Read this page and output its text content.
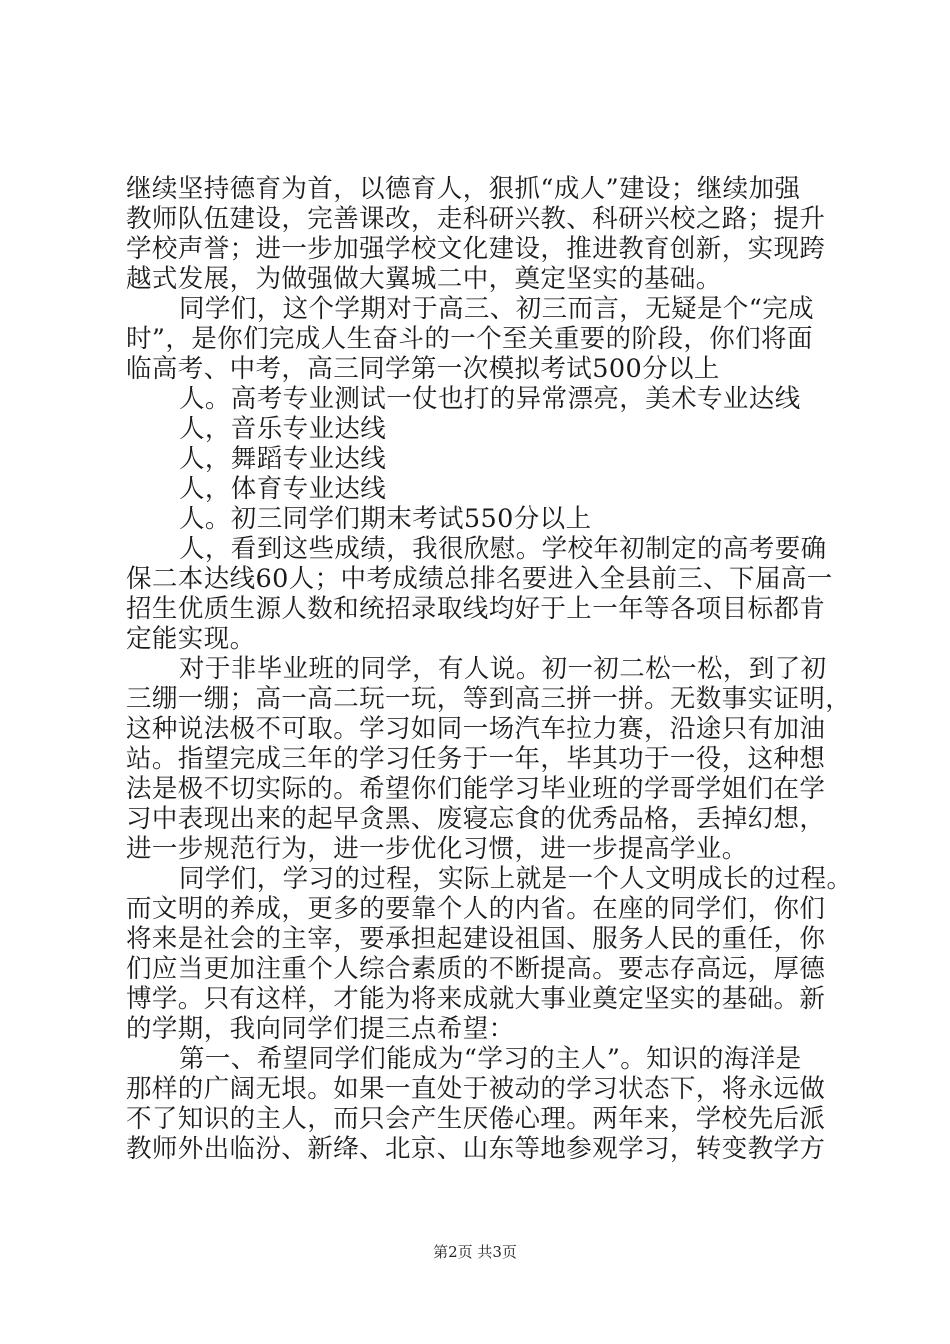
继续坚持德育为首，以德育人，狠抓“成人”建设；继续加强
教师队伍建设，完善课改，走科研兴教、科研兴校之路；提升
学校声誉；进一步加强学校文化建设，推进教育创新，实现跨
越式发展，为做强做大翼城二中，奠定坚实的基础。
同学们，这个学期对于高三、初三而言，无疑是个“完成
时”，是你们完成人生奋斗的一个至关重要的阶段，你们将面
临高考、中考，高三同学第一次模拟考试500分以上
人。高考专业测试一仗也打的异常漂亮，美术专业达线
人，音乐专业达线
人，舞蹈专业达线
人，体育专业达线
人。初三同学们期末考试550分以上
人，看到这些成绩，我很欣慰。学校年初制定的高考要确
保二本达线60人；中考成绩总排名要进入全县前三、下届高一
招生优质生源人数和统招录取线均好于上一年等各项目标都肯
定能实现。
对于非毕业班的同学，有人说。初一初二松一松，到了初
三绷一绷；高一高二玩一玩，等到高三拼一拼。无数事实证明，
这种说法极不可取。学习如同一场汽车拉力赛，沿途只有加油
站。指望完成三年的学习任务于一年，毕其功于一役，这种想
法是极不切实际的。希望你们能学习毕业班的学哥学姐们在学
习中表现出来的起早贪黑、废寝忘食的优秀品格，丢掉幻想，
进一步规范行为，进一步优化习惯，进一步提高学业。
同学们，学习的过程，实际上就是一个人文明成长的过程。
而文明的养成，更多的要靠个人的内省。在座的同学们，你们
将来是社会的主宰，要承担起建设祖国、服务人民的重任，你
们应当更加注重个人综合素质的不断提高。要志存高远，厚德
博学。只有这样，才能为将来成就大事业奠定坚实的基础。新
的学期，我向同学们提三点希望：
第一、希望同学们能成为“学习的主人”。知识的海洋是
那样的广阔无垠。如果一直处于被动的学习状态下，将永远做
不了知识的主人，而只会产生厌倦心理。两年来，学校先后派
教师外出临汾、新绛、北京、山东等地参观学习，转变教学方
第2页 共3页
